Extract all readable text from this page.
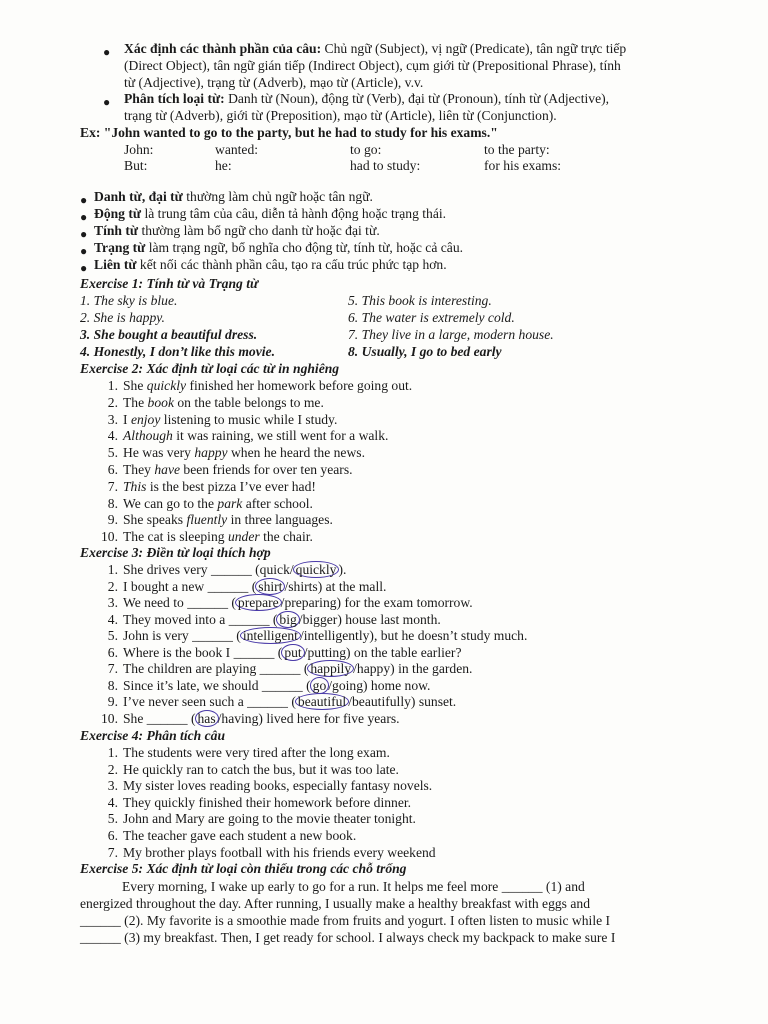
● Xác định các thành phần của câu: Chủ ngữ (Subject), vị ngữ (Predicate), tân ngữ trực tiếp
(Direct Object), tân ngữ gián tiếp (Indirect Object), cụm giới từ (Prepositional Phrase), tính
từ (Adjective), trạng từ (Adverb), mạo từ (Article), v.v.
● Phân tích loại từ: Danh từ (Noun), động từ (Verb), đại từ (Pronoun), tính từ (Adjective),
trạng từ (Adverb), giới từ (Preposition), mạo từ (Article), liên từ (Conjunction).
Ex: "John wanted to go to the party, but he had to study for his exams."
John:	wanted:	to go:	to the party:
But:	he:	had to study:	for his exams:
● Danh từ, đại từ thường làm chủ ngữ hoặc tân ngữ.
● Động từ là trung tâm của câu, diễn tả hành động hoặc trạng thái.
● Tính từ thường làm bổ ngữ cho danh từ hoặc đại từ.
● Trạng từ làm trạng ngữ, bổ nghĩa cho động từ, tính từ, hoặc cả câu.
● Liên từ kết nối các thành phần câu, tạo ra cấu trúc phức tạp hơn.
Exercise 1: Tính từ và Trạng từ
1. The sky is blue.
2. She is happy.
3. She bought a beautiful dress.
4. Honestly, I don’t like this movie.
5. This book is interesting.
6. The water is extremely cold.
7. They live in a large, modern house.
8. Usually, I go to bed early
Exercise 2: Xác định từ loại các từ in nghiêng
1. She quickly finished her homework before going out.
2. The book on the table belongs to me.
3. I enjoy listening to music while I study.
4. Although it was raining, we still went for a walk.
5. He was very happy when he heard the news.
6. They have been friends for over ten years.
7. This is the best pizza I’ve ever had!
8. We can go to the park after school.
9. She speaks fluently in three languages.
10. The cat is sleeping under the chair.
Exercise 3: Điền từ loại thích hợp
1. She drives very ______ (quick/ quickly ).
2. I bought a new ______ ( shirt /shirts) at the mall.
3. We need to ______ ( prepare /preparing) for the exam tomorrow.
4. They moved into a ______ ( big /bigger) house last month.
5. John is very ______ ( intelligent /intelligently), but he doesn’t study much.
6. Where is the book I ______ ( put /putting) on the table earlier?
7. The children are playing ______ ( happily /happy) in the garden.
8. Since it’s late, we should ______ ( go /going) home now.
9. I’ve never seen such a ______ ( beautiful /beautifully) sunset.
10. She ______ ( has /having) lived here for five years.
Exercise 4: Phân tích câu
1. The students were very tired after the long exam.
2. He quickly ran to catch the bus, but it was too late.
3. My sister loves reading books, especially fantasy novels.
4. They quickly finished their homework before dinner.
5. John and Mary are going to the movie theater tonight.
6. The teacher gave each student a new book.
7. My brother plays football with his friends every weekend
Exercise 5: Xác định từ loại còn thiếu trong các chỗ trống
Every morning, I wake up early to go for a run. It helps me feel more ______ (1) and
energized throughout the day. After running, I usually make a healthy breakfast with eggs and
______ (2). My favorite is a smoothie made from fruits and yogurt. I often listen to music while I
______ (3) my breakfast. Then, I get ready for school. I always check my backpack to make sure I
